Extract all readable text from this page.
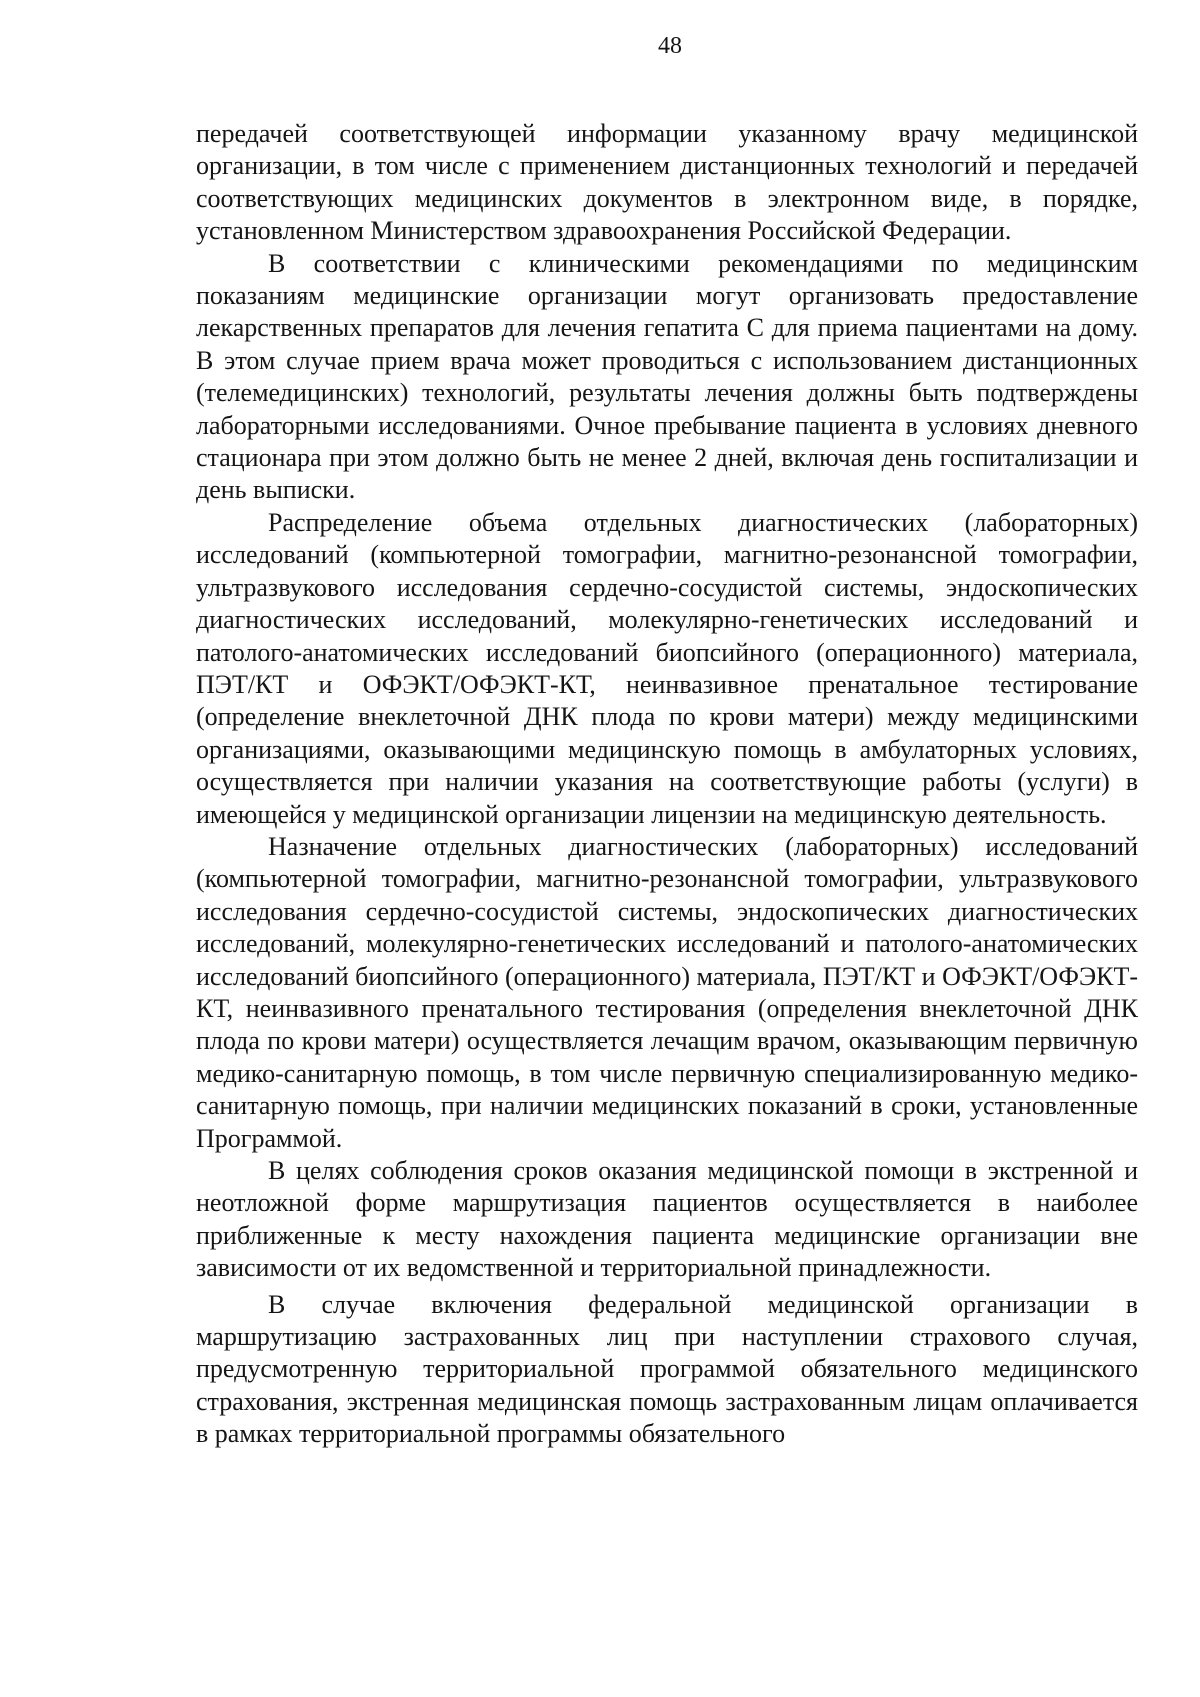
48

передачей соответствующей информации указанному врачу медицинской организации, в том числе с применением дистанционных технологий и передачей соответствующих медицинских документов в электронном виде, в порядке, установленном Министерством здравоохранения Российской Федерации.

В соответствии с клиническими рекомендациями по медицинским показаниям медицинские организации могут организовать предоставление лекарственных препаратов для лечения гепатита С для приема пациентами на дому. В этом случае прием врача может проводиться с использованием дистанционных (телемедицинских) технологий, результаты лечения должны быть подтверждены лабораторными исследованиями. Очное пребывание пациента в условиях дневного стационара при этом должно быть не менее 2 дней, включая день госпитализации и день выписки.

Распределение объема отдельных диагностических (лабораторных) исследований (компьютерной томографии, магнитно-резонансной томографии, ультразвукового исследования сердечно-сосудистой системы, эндоскопических диагностических исследований, молекулярно-генетических исследований и патолого-анатомических исследований биопсийного (операционного) материала, ПЭТ/КТ и ОФЭКТ/ОФЭКТ-КТ, неинвазивное пренатальное тестирование (определение внеклеточной ДНК плода по крови матери) между медицинскими организациями, оказывающими медицинскую помощь в амбулаторных условиях, осуществляется при наличии указания на соответствующие работы (услуги) в имеющейся у медицинской организации лицензии на медицинскую деятельность.

Назначение отдельных диагностических (лабораторных) исследований (компьютерной томографии, магнитно-резонансной томографии, ультразвукового исследования сердечно-сосудистой системы, эндоскопических диагностических исследований, молекулярно-генетических исследований и патолого-анатомических исследований биопсийного (операционного) материала, ПЭТ/КТ и ОФЭКТ/ОФЭКТ-КТ, неинвазивного пренатального тестирования (определения внеклеточной ДНК плода по крови матери) осуществляется лечащим врачом, оказывающим первичную медико-санитарную помощь, в том числе первичную специализированную медико-санитарную помощь, при наличии медицинских показаний в сроки, установленные Программой.

В целях соблюдения сроков оказания медицинской помощи в экстренной и неотложной форме маршрутизация пациентов осуществляется в наиболее приближенные к месту нахождения пациента медицинские организации вне зависимости от их ведомственной и территориальной принадлежности.

В случае включения федеральной медицинской организации в маршрутизацию застрахованных лиц при наступлении страхового случая, предусмотренную территориальной программой обязательного медицинского страхования, экстренная медицинская помощь застрахованным лицам оплачивается в рамках территориальной программы обязательного
